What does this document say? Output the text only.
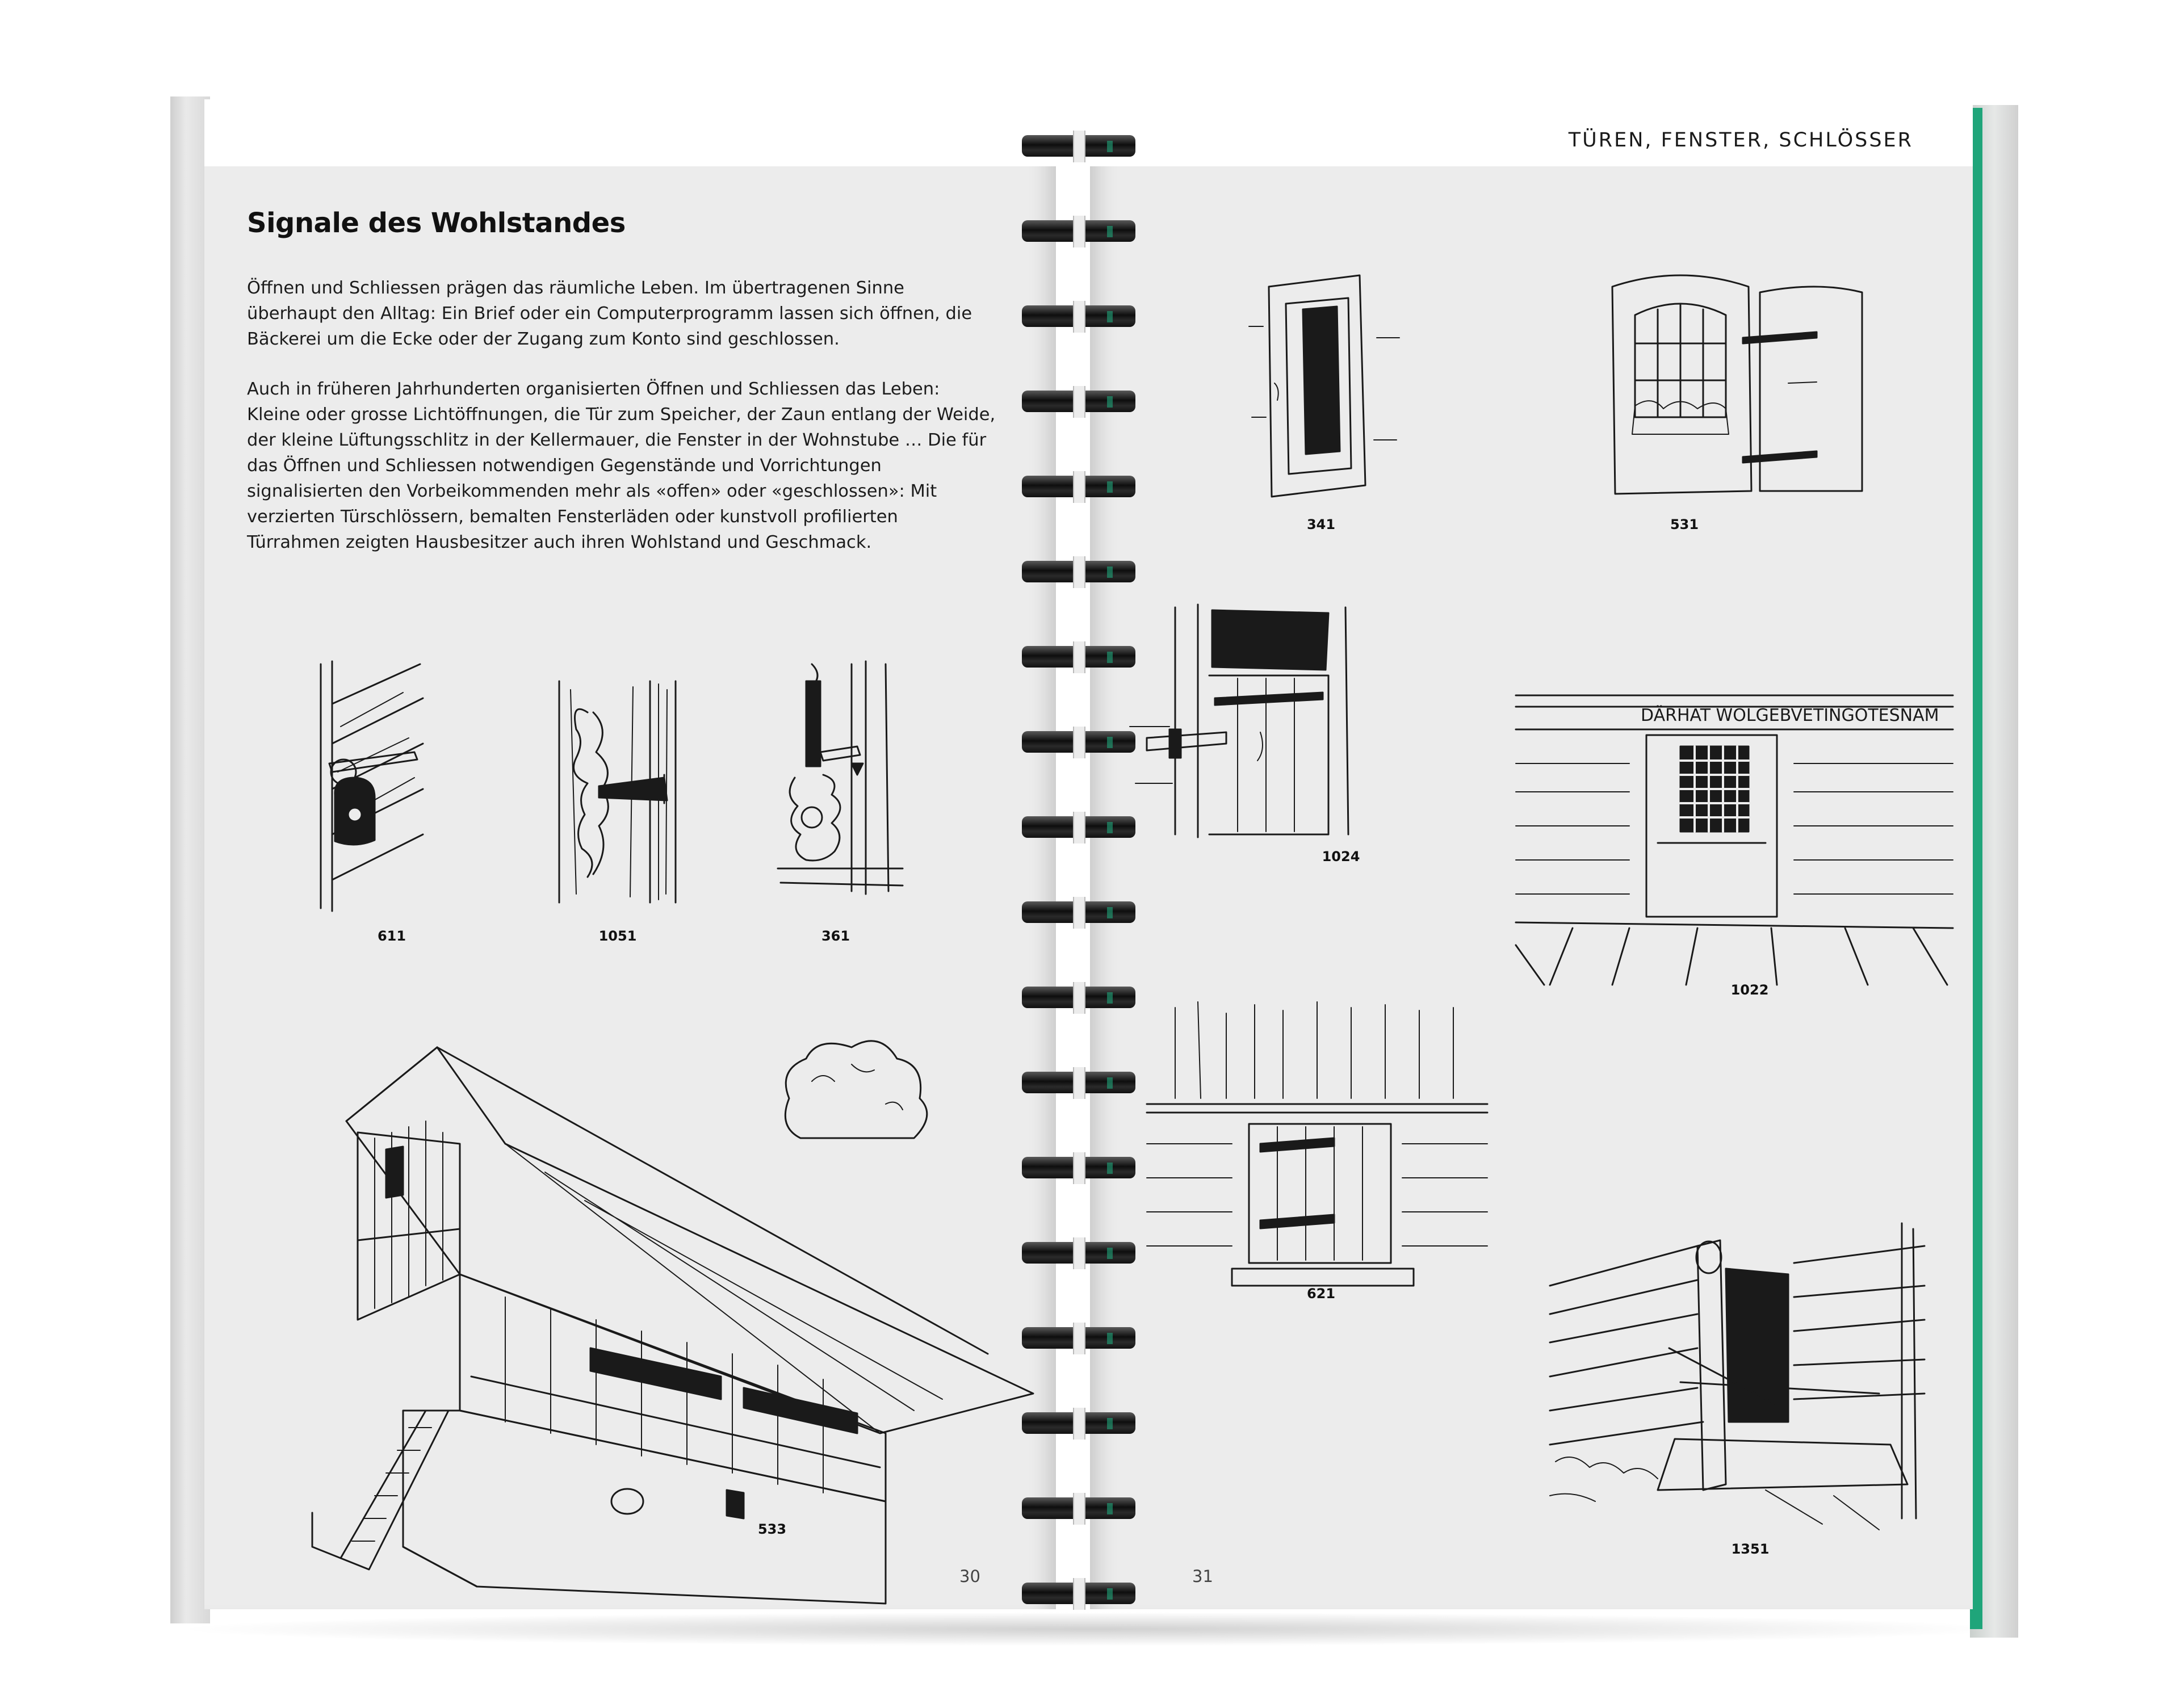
Signale des Wohlstandes

Öffnen und Schliessen prägen das räumliche Leben. Im übertragenen Sinne überhaupt den Alltag: Ein Brief oder ein Computerprogramm lassen sich öffnen, die Bäckerei um die Ecke oder der Zugang zum Konto sind geschlossen.

Auch in früheren Jahrhunderten organisierten Öffnen und Schliessen das Leben: Kleine oder grosse Lichtöffnungen, die Tür zum Speicher, der Zaun entlang der Weide, der kleine Lüftungsschlitz in der Kellermauer, die Fenster in der Wohnstube … Die für das Öffnen und Schliessen notwendigen Gegenstände und Vorrichtungen signalisierten den Vorbeikommenden mehr als «offen» oder «geschlossen»: Mit verzierten Türschlössern, bemalten Fensterläden oder kunstvoll profilierten Türrahmen zeigten Hausbesitzer auch ihren Wohlstand und Geschmack.

611	1051	361
533
30
TÜREN, FENSTER, SCHLÖSSER
341	531
1024
DÄRHAT WOLGEBVETINGOTESNAM
1022
621
1351
31
